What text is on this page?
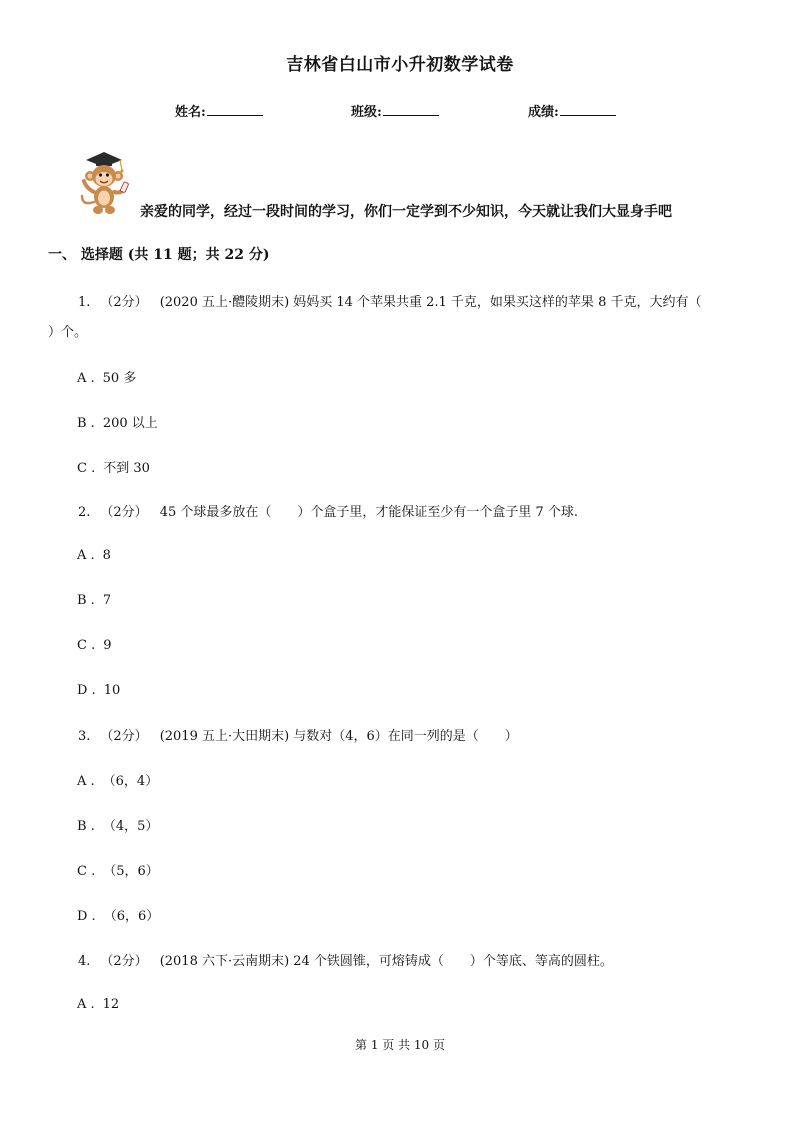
吉林省白山市小升初数学试卷
姓名:	班级:	成绩:
亲爱的同学，经过一段时间的学习，你们一定学到不少知识，今天就让我们大显身手吧
一、 选择题 (共 11 题；共 22 分)
1. （2分） (2020 五上·醴陵期末) 妈妈买 14 个苹果共重 2.1 千克，如果买这样的苹果 8 千克，大约有（
）个。
A . 50 多
B . 200 以上
C . 不到 30
2. （2分） 45 个球最多放在（　　）个盒子里，才能保证至少有一个盒子里 7 个球.
A . 8
B . 7
C . 9
D . 10
3. （2分） (2019 五上·大田期末) 与数对（4，6）在同一列的是（　　）
A . （6，4）
B . （4，5）
C . （5，6）
D . （6，6）
4. （2分） (2018 六下·云南期末) 24 个铁圆锥，可熔铸成（　　）个等底、等高的圆柱。
A . 12
第 1 页 共 10 页
